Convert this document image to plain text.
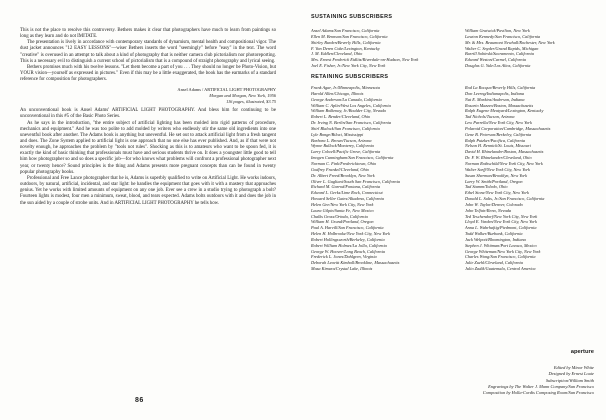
This is not the place to resolve this controversy. Bethers makes it clear that photographers have much to learn from paintings so long as they learn and do not IMITATE.

The presentation is lively in accordance with contemporary standards of dynamism, mental health and compositional vigor. The dust jacket announces "12 EASY LESSONS"—wiser Bethers inserts the word "seemingly" before "easy" in the text. The word "creative" is overused in an attempt to talk about a kind of photography that is neither camera club pictorialism nor photoreporting. This is a necessary evil to distinguish a current school of pictorialism that is a compound of straight photography and lyrical seeing.

Bethers promises much with his twelve lessons. "Let them become a part of you . . . They should no longer be Photo-Vision, but YOUR vision—yourself as expressed in pictures." Even if this may be a little exaggerated, the book has the earmarks of a standard reference for composition for photographers.

Ansel Adams / ARTIFICIAL LIGHT PHOTOGRAPHY
Morgan and Morgan, New York, 1956
116 pages, illustrated, $3.75

An unconventional book is Ansel Adams' ARTIFICIAL LIGHT PHOTOGRAPHY. And bless him for continuing to be unconventional in this #5 of the Basic Photo Series.

As he says in the introduction, "the entire subject of artificial lighting has been molded into rigid patterns of procedure, mechanics and equipment." And he was too polite to add molded by writers who endlessly stir the same old ingredients into one uneventful book after another. The Adams book is anything but uneventful. He set out to attack artificial light from a fresh tangent and does. The Zone System applied to artificial light is one approach that no one else has ever published. And, as if that were not novelty enough, he approaches the problem by "tools not rules". Shocking as this is to amateurs who want to be spoon fed, it is exactly the kind of basic thinking that professionals must have and serious students thrive on. It does a youngster little good to tell him how photographer so and so does a specific job—for who knows what problems will confront a professional photographer next year, or twenty hence? Sound principles is the thing and Adams presents more pregnant concepts than can be found in twenty popular photography books.

Professional and Free Lance photographer that he is, Adams is superbly qualified to write on Artificial Light. He works indoors, outdoors, by natural, artificial, incidental, and star light: he handles the equipment that goes with it with a mastery that approaches genius. Yet he works with limited amounts of equipment on any one job. Ever see a crew in a studio trying to photograph a bolt? Fourteen lights is modest, four men a minimum, sweat, blood, and tears expected. Adams bolts outdoors with it and does the job in the sun aided by a couple of strobe units. And in ARTIFICIAL LIGHT PHOTOGRAPHY he tells how.

86
SUSTAINING SUBSCRIBERS
Ansel Adams/San Francisco, California
Ellen M. Bronson/San Francisco, California
Shirley Burden/Beverly Hills, California
F. Van Deren Coke/Lexington, Kentucky
J. M. Eddlen/Cleveland, Ohio
Mrs. Ernest Frederick Eidlitz/Riverdale-on-Hudson, New York
Joel E. Fisher, Jr./New York City, New York
William Gratwick/Pavilion, New York
Lawton Kennedy/San Francisco, California
Mr. & Mrs. Beaumont Newhall/Rochester, New York
Walter C. Snyder/Grand Rapids, Michigan
Burrill Sobieski/Sacramento, California
Edward Weston/Carmel, California
Douglas G. Yule/Los Altos, California
RETAINING SUBSCRIBERS
Frank Agar, Jr./Minneapolis, Minnesota
Harold Allen/Chicago, Illinois
George Anderson/La Canada, California
William C. Aplin/West Los Angeles, California
William Bolkenay, Jr./Boulder City, Nevada
Robert L. Bender/Cleveland, Ohio
Dr. Irving N. Berlin/San Francisco, California
Shirl Blalock/San Francisco, California
Lyle Bonge/Biloxi, Mississippi
Barbara L. Brown/Tucson, Arizona
Wynne Bullock/Monterey, California
Larry Colwell/Pacific Grove, California
Imogen Cunningham/San Francisco, California
Norman C. Fink/Fredericktown, Ohio
Godfrey Frankel/Cleveland, Ohio
Dr. Albert Freed/Brooklyn, New York
Oliver L. Gagliani/South San Francisco, California
Richard M. Garrod/Fontana, California
Edward L. Gerks/Lime Rock, Connecticut
Howard Seller Gates/Altadena, California
Helen Gee/New York City, New York
Laura Gilpin/Santa Fe, New Mexico
Chalks Gross/Orinda, California
William H. Grund/Portland, Oregon
Paul A. Harvill/San Francisco, California
Helen H. Holbrooke/New York City, New York
Robert Hollingsworth/Berkeley, California
Robert William Holmes/La Jolla, California
George W. Hoover/Long Beach, California
Frederick L. Jones/Dahlgren, Virginia
Deborah Leavitt Kimball/Brookline, Massachusetts
Masa Kimura/Crystal Lake, Illinois
Rod La Rocque/Beverly Hills, California
Don Leerng/Indianapolis, Indiana
Nat E. Markins/Anderson, Indiana
Rosario Mazzeo/Boston, Massachusetts
Ralph Eugene Meatyard/Lexington, Kentucky
Tad Nichols/Tucson, Arizona
Lew Parrella/New York City, New York
Polaroid Corporation/Cambridge, Massachusetts
Gene B. Peterson/Berkeley, California
Ralph Putzker/Pacifica, California
Nelson H. Rennick/St. Louis, Missouri
David H. Rhinelander/Boston, Massachusetts
Dr. F. W. Rhinelander/Cleveland, Ohio
Norman Rothschild/New York City, New York
Walter Sarff/New York City, New York
Susan Sherman/Brooklyn, New York
Larry W. Smith/Portland, Oregon
Tad Stamm/Toledo, Ohio
Ethel Stone/New York City, New York
Donald L. Sults, Jr./San Francisco, California
John W. Taylor/Denver, Colorado
John Telfair/Reno, Nevada
Ted Teschendorf/New York City, New York
Lloyd E. Varden/New York City, New York
Anna L. Wahrhaftig/Piedmont, California
Todd Walker/Burbank, California
Jack Welpott/Bloomington, Indiana
Stephen J. Whitman/Port Lavaca, Mexico
George Whiteman/New York City, New York
Charles Wong/San Francisco, California
Julie Zuehl/Cleveland, California
Julio Zadik/Guatemala, Central America
aperture
Edited by Minor White
Designed by Ernest Louie
Subscription/William Smith
Engravings by The Walter J. Mann Company/San Francisco
Composition by Holla-Cordis Composing Room/San Francisco
